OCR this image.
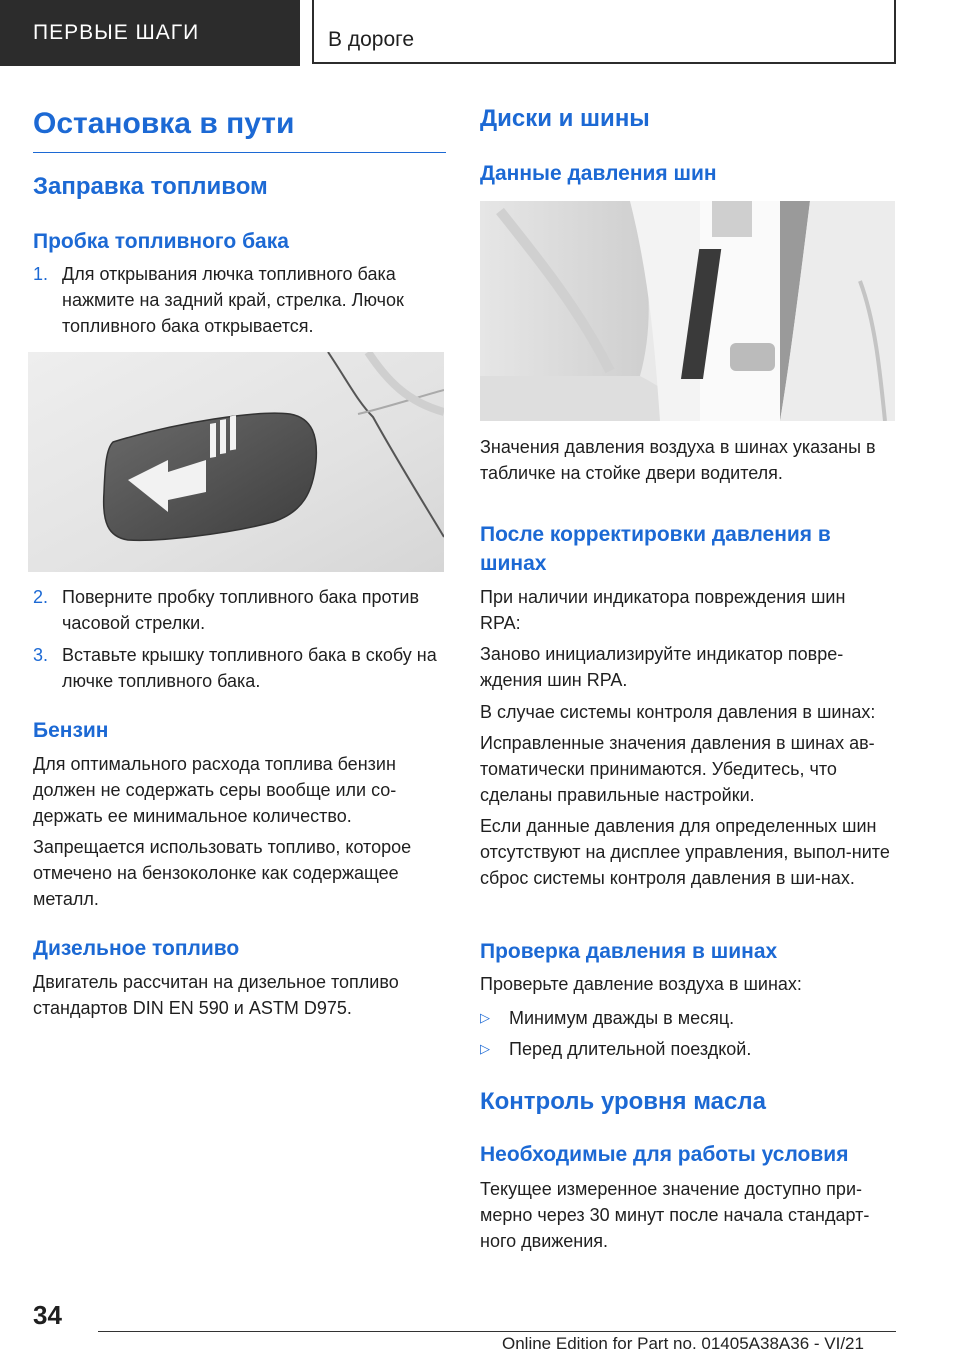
ПЕРВЫЕ ШАГИ	В дороге
Остановка в пути
Заправка топливом
Пробка топливного бака
1. Для открывания лючка топливного бака нажмите на задний край, стрелка. Лючок топливного бака открывается.
2. Поверните пробку топливного бака против часовой стрелки.
3. Вставьте крышку топливного бака в скобу на лючке топливного бака.
Бензин
Для оптимального расхода топлива бензин должен не содержать серы вообще или со-держать ее минимальное количество.
Запрещается использовать топливо, которое отмечено на бензоколонке как содержащее металл.
Дизельное топливо
Двигатель рассчитан на дизельное топливо стандартов DIN EN 590 и ASTM D975.
Диски и шины
Данные давления шин
Значения давления воздуха в шинах указаны в табличке на стойке двери водителя.
После корректировки давления в шинах
При наличии индикатора повреждения шин RPA:
Заново инициализируйте индикатор повре-ждения шин RPA.
В случае системы контроля давления в шинах:
Исправленные значения давления в шинах ав-томатически принимаются. Убедитесь, что сделаны правильные настройки.
Если данные давления для определенных шин отсутствуют на дисплее управления, выпол-ните сброс системы контроля давления в ши-нах.
Проверка давления в шинах
Проверьте давление воздуха в шинах:
▷ Минимум дважды в месяц.
▷ Перед длительной поездкой.
Контроль уровня масла
Необходимые для работы условия
Текущее измеренное значение доступно при-мерно через 30 минут после начала стандарт-ного движения.
34
Online Edition for Part no. 01405A38A36 - VI/21
